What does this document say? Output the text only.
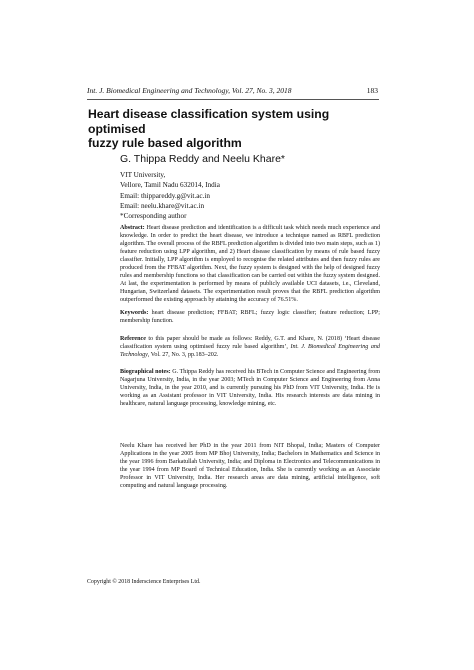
Int. J. Biomedical Engineering and Technology, Vol. 27, No. 3, 2018	183
Heart disease classification system using optimised
fuzzy rule based algorithm
G. Thippa Reddy and Neelu Khare*
VIT University,
Vellore, Tamil Nadu 632014, India
Email: thippareddy.g@vit.ac.in
Email: neelu.khare@vit.ac.in
*Corresponding author
Abstract: Heart disease prediction and identification is a difficult task which needs much experience and knowledge. In order to predict the heart disease, we introduce a technique named as RBFL prediction algorithm. The overall process of the RBFL prediction algorithm is divided into two main steps, such as 1) feature reduction using LPP algorithm, and 2) Heart disease classification by means of rule based fuzzy classifier. Initially, LPP algorithm is employed to recognise the related attributes and then fuzzy rules are produced from the FFBAT algorithm. Next, the fuzzy system is designed with the help of designed fuzzy rules and membership functions so that classification can be carried out within the fuzzy system designed. At last, the experimentation is performed by means of publicly available UCI datasets, i.e., Cleveland, Hungarian, Switzerland datasets. The experimentation result proves that the RBFL prediction algorithm outperformed the existing approach by attaining the accuracy of 76.51%.
Keywords: heart disease prediction; FFBAT; RBFL; fuzzy logic classifier; feature reduction; LPP; membership function.
Reference to this paper should be made as follows: Reddy, G.T. and Khare, N. (2018) ‘Heart disease classification system using optimised fuzzy rule based algorithm’, Int. J. Biomedical Engineering and Technology, Vol. 27, No. 3, pp.183–202.
Biographical notes: G. Thippa Reddy has received his BTech in Computer Science and Engineering from Nagarjuna University, India, in the year 2003; MTech in Computer Science and Engineering from Anna University, India, in the year 2010, and is currently pursuing his PhD from VIT University, India. He is working as an Assistant professor in VIT University, India. His research interests are data mining in healthcare, natural language processing, knowledge mining, etc.
Neelu Khare has received her PhD in the year 2011 from NIT Bhopal, India; Masters of Computer Applications in the year 2005 from MP Bhoj University, India; Bachelors in Mathematics and Science in the year 1996 from Barkatullah University, India; and Diploma in Electronics and Telecommunications in the year 1994 from MP Board of Technical Education, India. She is currently working as an Associate Professor in VIT University, India. Her research areas are data mining, artificial intelligence, soft computing and natural language processing.
Copyright © 2018 Inderscience Enterprises Ltd.
